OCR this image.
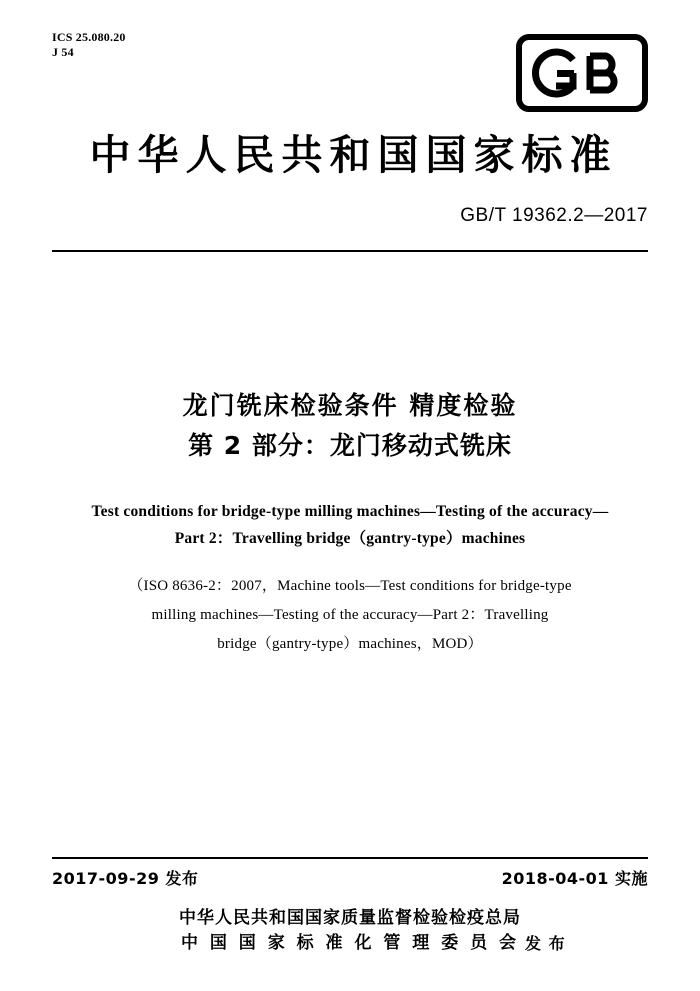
ICS 25.080.20
J 54
中华人民共和国国家标准
GB/T 19362.2—2017
龙门铣床检验条件 精度检验
第 2 部分：龙门移动式铣床
Test conditions for bridge-type milling machines—Testing of the accuracy—
Part 2：Travelling bridge（gantry-type）machines
（ISO 8636-2：2007，Machine tools—Test conditions for bridge-type
milling machines—Testing of the accuracy—Part 2：Travelling
bridge（gantry-type）machines，MOD）
2017-09-29 发布	2018-04-01 实施
中华人民共和国国家质量监督检验检疫总局
中 国 国 家 标 准 化 管 理 委 员 会 发 布
